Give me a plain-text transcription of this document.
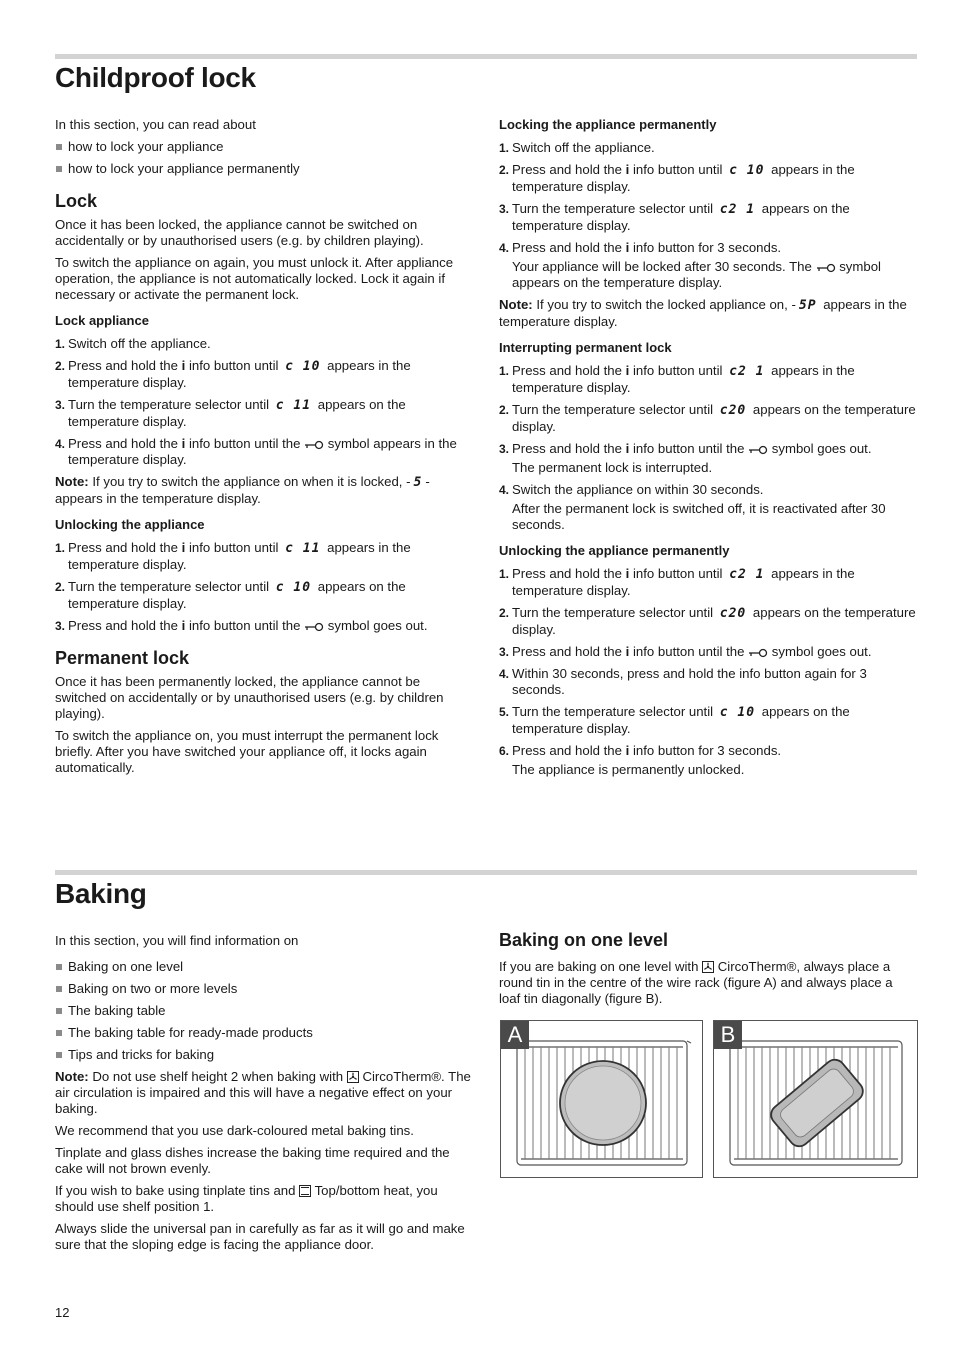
Childproof lock

In this section, you can read about

how to lock your appliance
how to lock your appliance permanently
Lock

Once it has been locked, the appliance cannot be switched on accidentally or by unauthorised users (e.g. by children playing).

To switch the appliance on again, you must unlock it. After appliance operation, the appliance is not automatically locked. Lock it again if necessary or activate the permanent lock.

Lock appliance
1. Switch off the appliance.
2. Press and hold the i info button until c 10 appears in the temperature display.
3. Turn the temperature selector until c 11 appears on the temperature display.
4. Press and hold the i info button until the symbol appears in the temperature display.

Note: If you try to switch the appliance on when it is locked, - 5 - appears in the temperature display.

Unlocking the appliance
1. Press and hold the i info button until c 11 appears in the temperature display.
2. Turn the temperature selector until c 10 appears on the temperature display.
3. Press and hold the i info button until the symbol goes out.
Permanent lock

Once it has been permanently locked, the appliance cannot be switched on accidentally or by unauthorised users (e.g. by children playing).

To switch the appliance on, you must interrupt the permanent lock briefly. After you have switched your appliance off, it locks again automatically.

Locking the appliance permanently
1. Switch off the appliance.
2. Press and hold the i info button until c 10 appears in the temperature display.
3. Turn the temperature selector until c2 1 appears on the temperature display.
4. Press and hold the i info button for 3 seconds.
Your appliance will be locked after 30 seconds. The symbol appears on the temperature display.

Note: If you try to switch the locked appliance on, - 5P appears in the temperature display.

Interrupting permanent lock
1. Press and hold the i info button until c2 1 appears in the temperature display.
2. Turn the temperature selector until c20 appears on the temperature display.
3. Press and hold the i info button until the symbol goes out.
The permanent lock is interrupted.
4. Switch the appliance on within 30 seconds.
After the permanent lock is switched off, it is reactivated after 30 seconds.
Unlocking the appliance permanently
1. Press and hold the i info button until c2 1 appears in the temperature display.
2. Turn the temperature selector until c20 appears on the temperature display.
3. Press and hold the i info button until the symbol goes out.
4. Within 30 seconds, press and hold the info button again for 3 seconds.
5. Turn the temperature selector until c 10 appears on the temperature display.
6. Press and hold the i info button for 3 seconds.
The appliance is permanently unlocked.
Baking

In this section, you will find information on

Baking on one level
Baking on two or more levels
The baking table
The baking table for ready-made products
Tips and tricks for baking

Note: Do not use shelf height 2 when baking with CircoTherm®. The air circulation is impaired and this will have a negative effect on your baking.

We recommend that you use dark-coloured metal baking tins.

Tinplate and glass dishes increase the baking time required and the cake will not brown evenly.

If you wish to bake using tinplate tins and Top/bottom heat, you should use shelf position 1.

Always slide the universal pan in carefully as far as it will go and make sure that the sloping edge is facing the appliance door.

Baking on one level

If you are baking on one level with CircoTherm®, always place a round tin in the centre of the wire rack (figure A) and always place a loaf tin diagonally (figure B).

A	B
12
